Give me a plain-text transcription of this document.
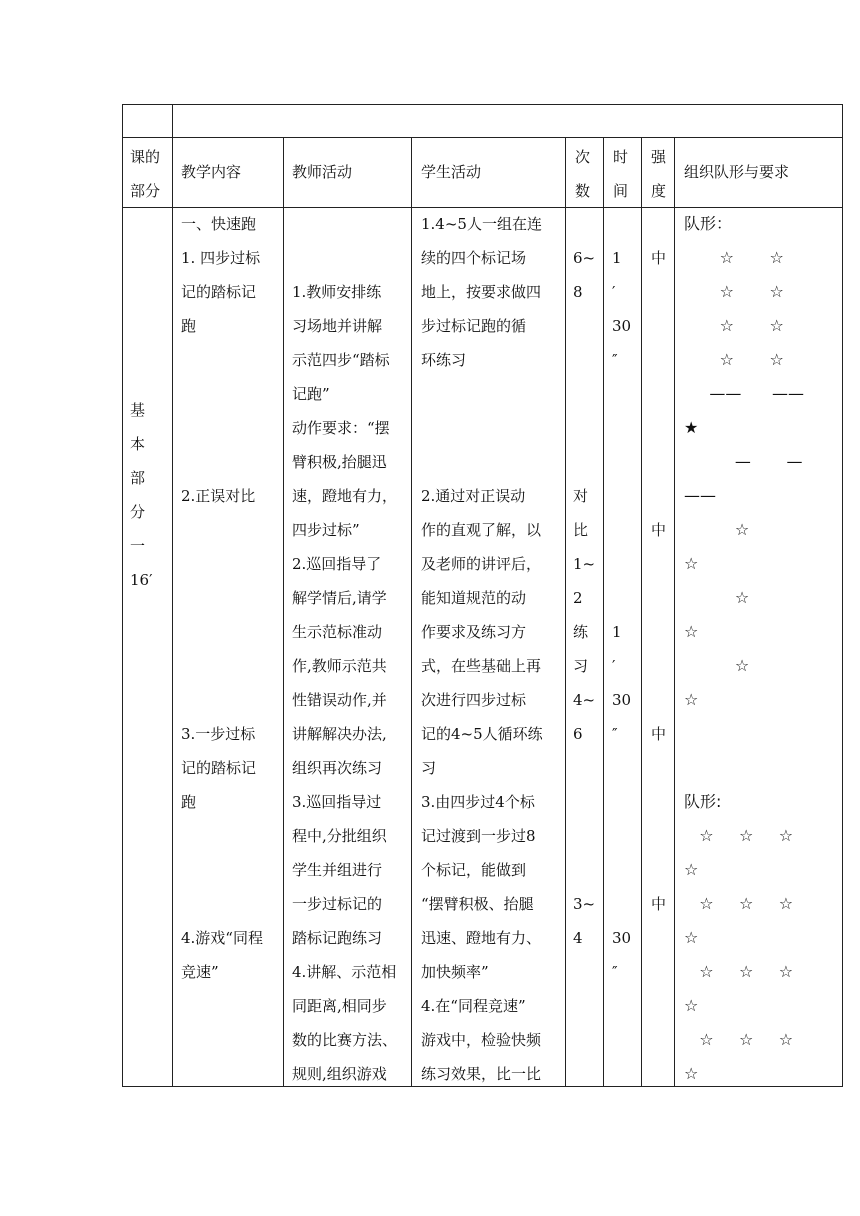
课的
部分
教学内容	教师活动	学生活动
次
数
时
间
强
度
组织队形与要求
基
本
部
分
一
16′
一、快速跑
1. 四步过标
记的踏标记
跑
2.正误对比
3.一步过标
记的踏标记
跑
4.游戏“同程
竞速”
1.教师安排练
习场地并讲解
示范四步“踏标
记跑”
动作要求：“摆
臂积极,抬腿迅
速，蹬地有力，
四步过标”
2.巡回指导了
解学情后,请学
生示范标准动
作,教师示范共
性错误动作,并
讲解解决办法,
组织再次练习
3.巡回指导过
程中,分批组织
学生并组进行
一步过标记的
踏标记跑练习
4.讲解、示范相
同距离,相同步
数的比赛方法、
规则,组织游戏
1.4~5人一组在连
续的四个标记场
地上，按要求做四
步过标记跑的循
环练习
2.通过对正误动
作的直观了解，以
及老师的讲评后，
能知道规范的动
作要求及练习方
式，在些基础上再
次进行四步过标
记的4~5人循环练
习
3.由四步过4个标
记过渡到一步过8
个标记，能做到
“摆臂积极、抬腿
迅速、蹬地有力、
加快频率”
4.在“同程竞速”
游戏中，检验快频
练习效果，比一比
6~
8
对
比
1~
2
练
习
4~
6
3~
4
1
′
30
″
1
′
30
″
30
″
中
中
中
中
队形：
☆       ☆
☆       ☆
☆       ☆
☆       ☆
——      ——
★
—       —
——
☆
☆
☆
☆
☆
☆
队形:
☆     ☆     ☆
☆
☆     ☆     ☆
☆
☆     ☆     ☆
☆
☆     ☆     ☆
☆
